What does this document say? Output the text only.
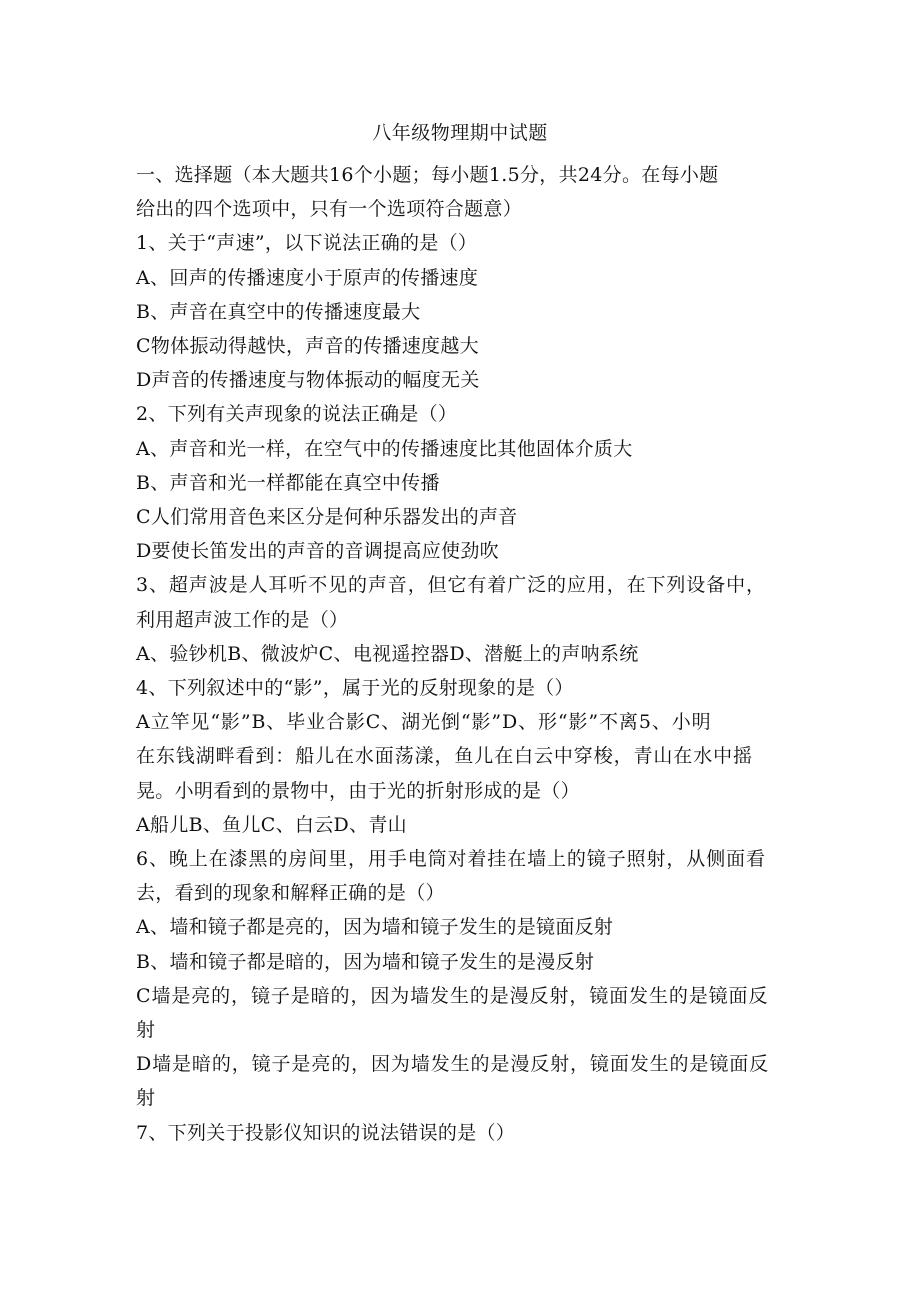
八年级物理期中试题
一、选择题（本大题共16个小题；每小题1.5分，共24分。在每小题
给出的四个选项中，只有一个选项符合题意）
1、关于“声速”，以下说法正确的是（）
A、回声的传播速度小于原声的传播速度
B、声音在真空中的传播速度最大
C物体振动得越快，声音的传播速度越大
D声音的传播速度与物体振动的幅度无关
2、下列有关声现象的说法正确是（）
A、声音和光一样，在空气中的传播速度比其他固体介质大
B、声音和光一样都能在真空中传播
C人们常用音色来区分是何种乐器发出的声音
D要使长笛发出的声音的音调提高应使劲吹
3、超声波是人耳听不见的声音，但它有着广泛的应用，在下列设备中，
利用超声波工作的是（）
A、验钞机B、微波炉C、电视遥控器D、潜艇上的声呐系统
4、下列叙述中的“影”，属于光的反射现象的是（）
A立竿见“影”B、毕业合影C、湖光倒“影”D、形“影”不离5、小明
在东钱湖畔看到：船儿在水面荡漾，鱼儿在白云中穿梭，青山在水中摇
晃。小明看到的景物中，由于光的折射形成的是（）
A船儿B、鱼儿C、白云D、青山
6、晚上在漆黑的房间里，用手电筒对着挂在墙上的镜子照射，从侧面看
去，看到的现象和解释正确的是（）
A、墙和镜子都是亮的，因为墙和镜子发生的是镜面反射
B、墙和镜子都是暗的，因为墙和镜子发生的是漫反射
C墙是亮的，镜子是暗的，因为墙发生的是漫反射，镜面发生的是镜面反
射
D墙是暗的，镜子是亮的，因为墙发生的是漫反射，镜面发生的是镜面反
射
7、下列关于投影仪知识的说法错误的是（）
